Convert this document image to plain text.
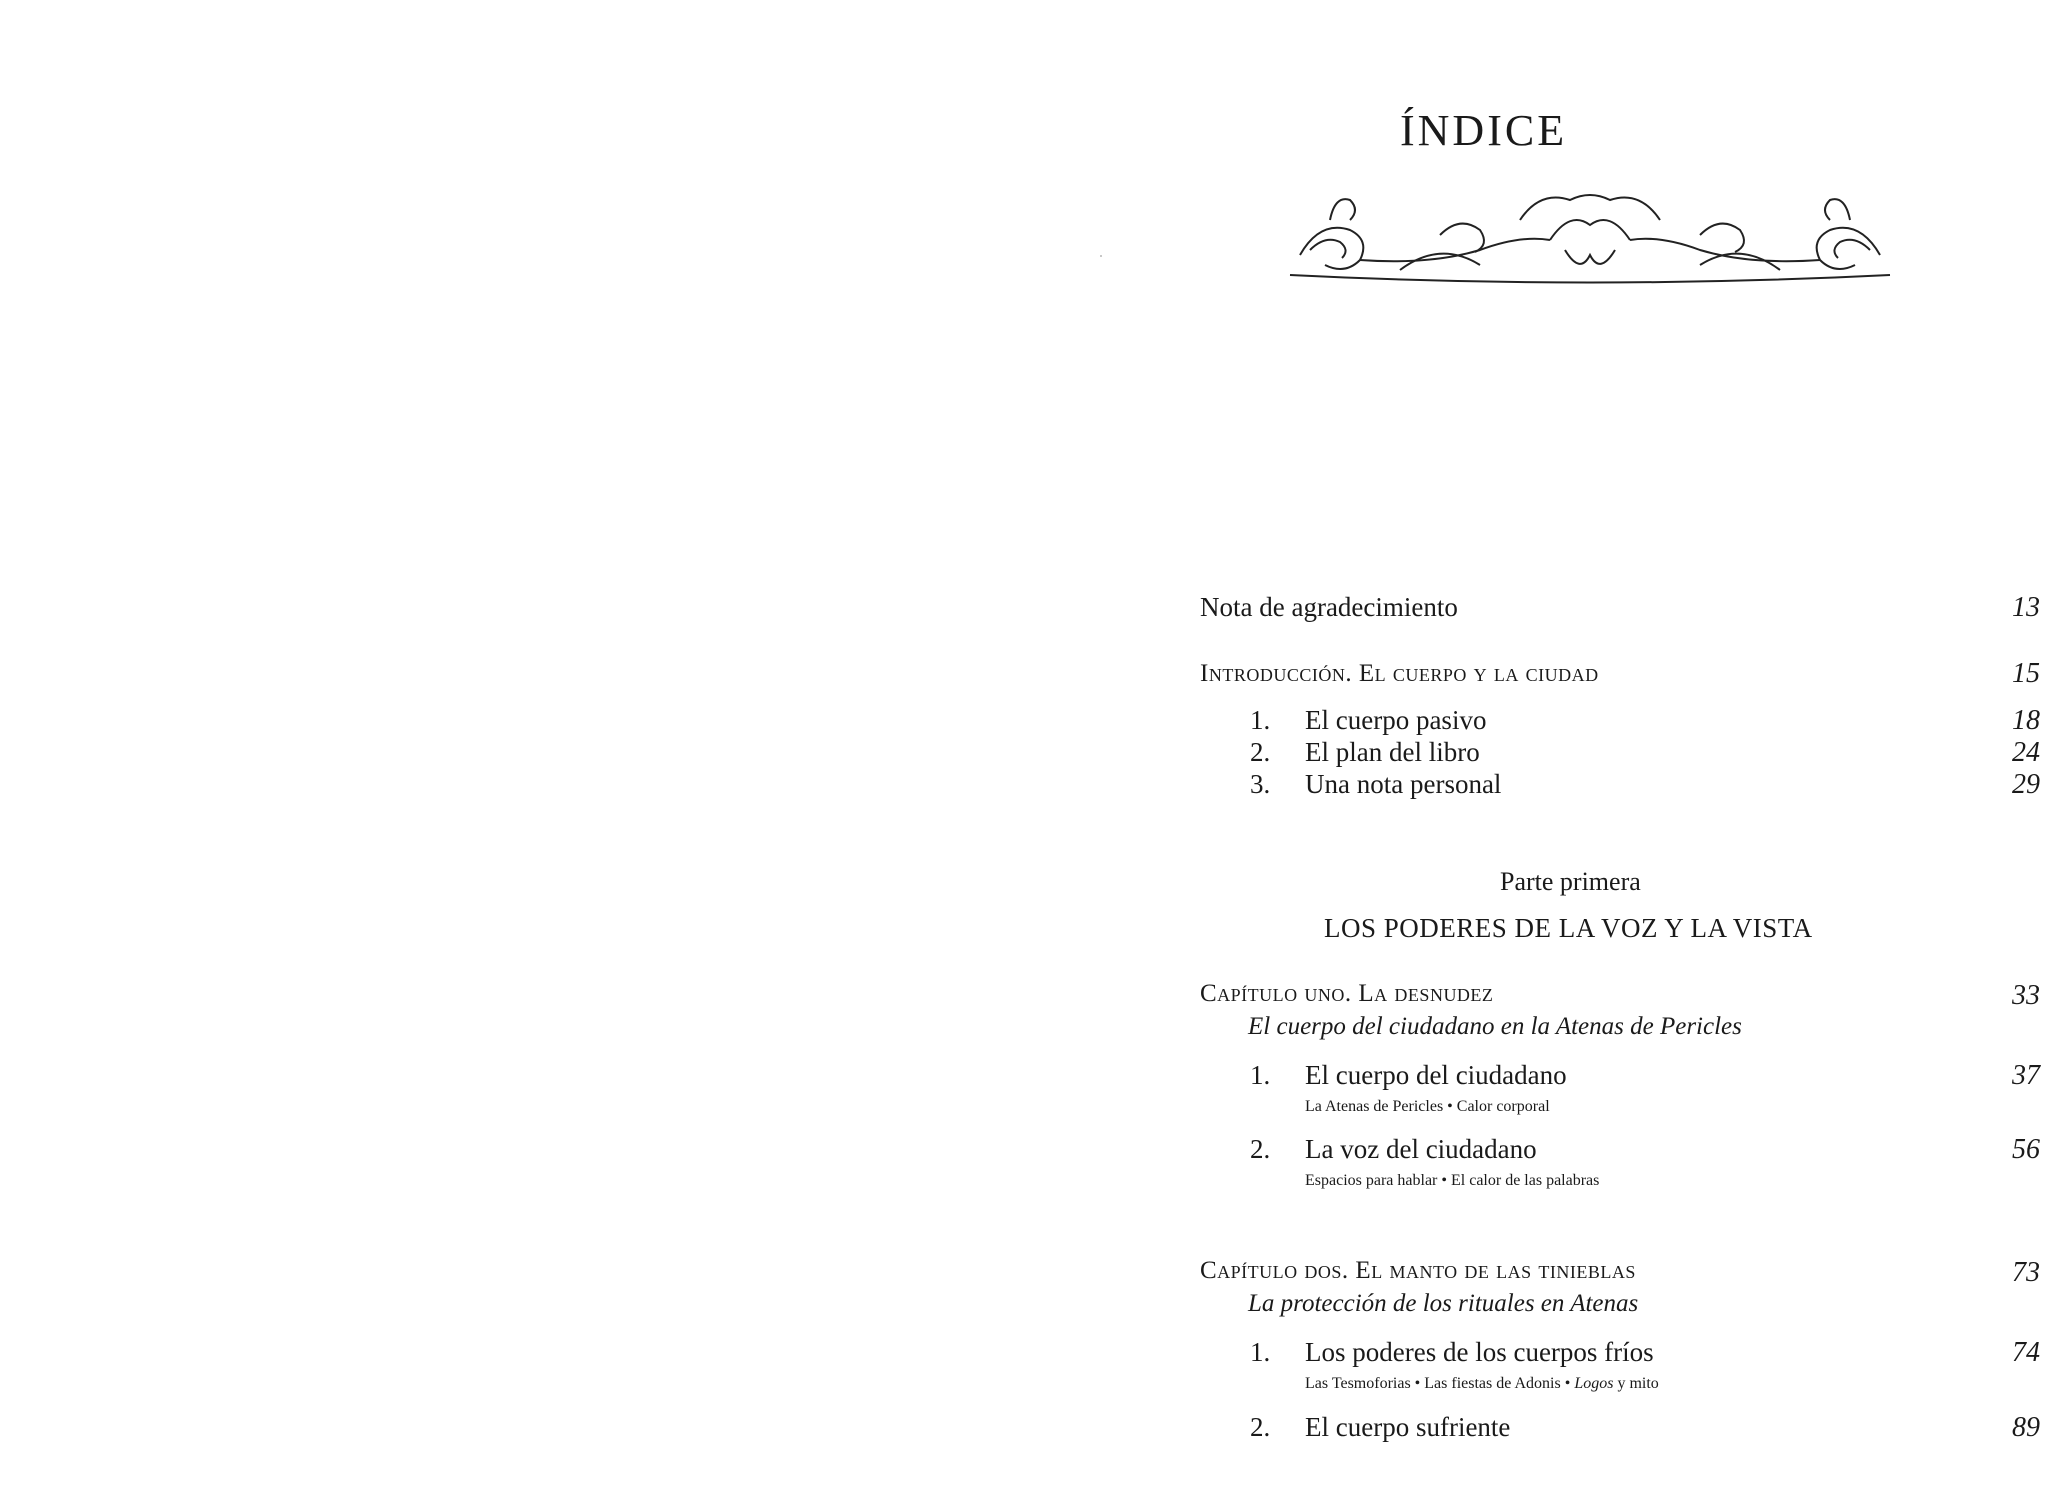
ÍNDICE
Nota de agradecimiento	13
Introducción. El cuerpo y la ciudad	15
1. El cuerpo pasivo	18
2. El plan del libro	24
3. Una nota personal	29
Parte primera
LOS PODERES DE LA VOZ Y LA VISTA
Capítulo uno. La desnudez	33
El cuerpo del ciudadano en la Atenas de Pericles
1. El cuerpo del ciudadano	37
La Atenas de Pericles • Calor corporal
2. La voz del ciudadano	56
Espacios para hablar • El calor de las palabras
Capítulo dos. El manto de las tinieblas	73
La protección de los rituales en Atenas
1. Los poderes de los cuerpos fríos	74
Las Tesmoforias • Las fiestas de Adonis • Logos y mito
2. El cuerpo sufriente	89
